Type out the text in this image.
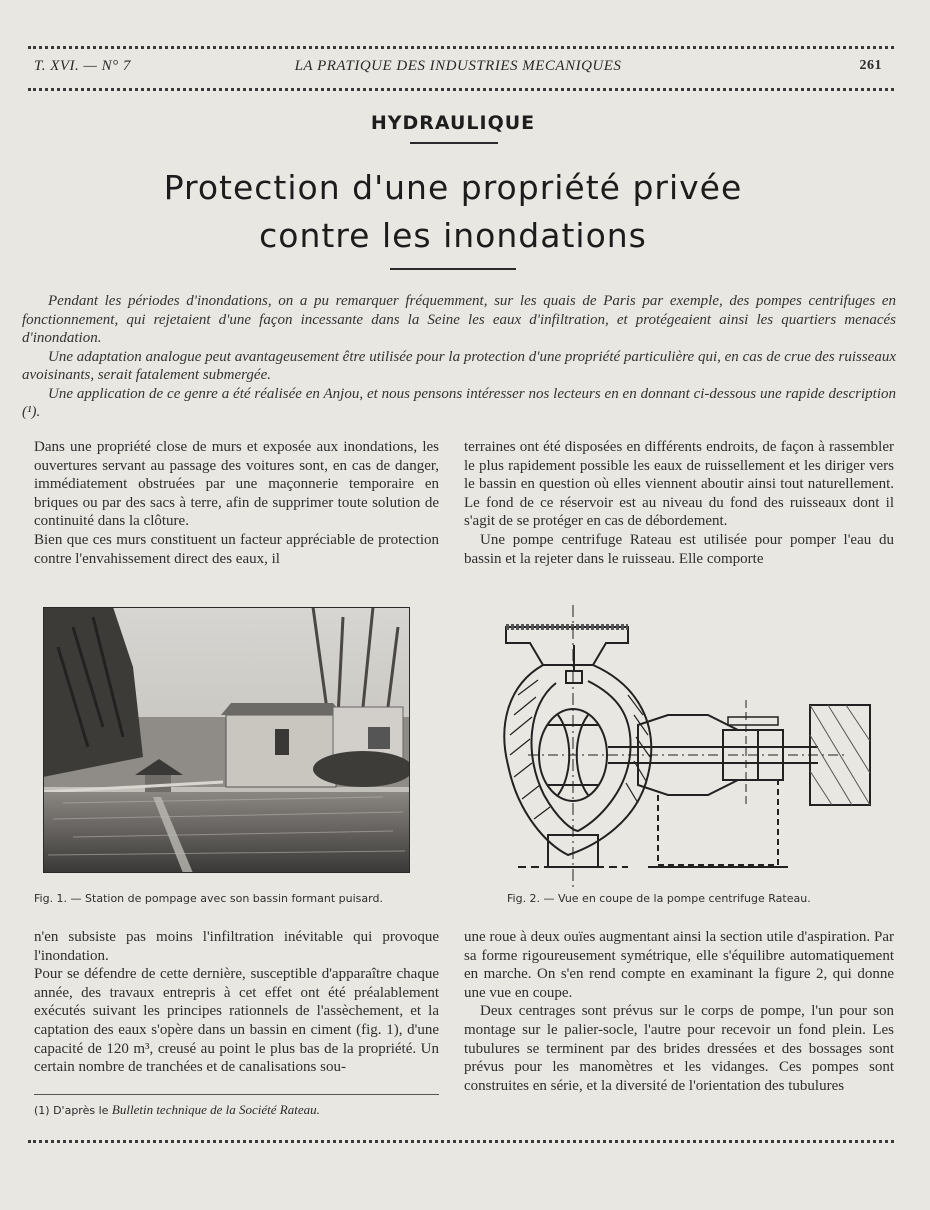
T. XVI. — N° 7	LA PRATIQUE DES INDUSTRIES MECANIQUES	261
HYDRAULIQUE
Protection d'une propriété privée
contre les inondations

Pendant les périodes d'inondations, on a pu remarquer fréquemment, sur les quais de Paris par exemple, des pompes centrifuges en fonctionnement, qui rejetaient d'une façon incessante dans la Seine les eaux d'infiltration, et protégeaient ainsi les quartiers menacés d'inondation.

Une adaptation analogue peut avantageusement être utilisée pour la protection d'une propriété particulière qui, en cas de crue des ruisseaux avoisinants, serait fatalement submergée.

Une application de ce genre a été réalisée en Anjou, et nous pensons intéresser nos lecteurs en en donnant ci-dessous une rapide description (¹).

Dans une propriété close de murs et exposée aux inondations, les ouvertures servant au passage des voitures sont, en cas de danger, immédiatement obstruées par une maçonnerie temporaire en briques ou par des sacs à terre, afin de supprimer toute solution de continuité dans la clôture.

Bien que ces murs constituent un facteur appréciable de protection contre l'envahissement direct des eaux, il

terraines ont été disposées en différents endroits, de façon à rassembler le plus rapidement possible les eaux de ruissellement et les diriger vers le bassin en question où elles viennent aboutir ainsi tout naturellement. Le fond de ce réservoir est au niveau du fond des ruisseaux dont il s'agit de se protéger en cas de débordement.

Une pompe centrifuge Rateau est utilisée pour pomper l'eau du bassin et la rejeter dans le ruisseau. Elle comporte

Fig. 1. — Station de pompage avec son bassin formant puisard.	Fig. 2. — Vue en coupe de la pompe centrifuge Rateau.

n'en subsiste pas moins l'infiltration inévitable qui provoque l'inondation.

Pour se défendre de cette dernière, susceptible d'apparaître chaque année, des travaux entrepris à cet effet ont été préalablement exécutés suivant les principes rationnels de l'assèchement, et la captation des eaux s'opère dans un bassin en ciment (fig. 1), d'une capacité de 120 m³, creusé au point le plus bas de la propriété. Un certain nombre de tranchées et de canalisations sou-

une roue à deux ouïes augmentant ainsi la section utile d'aspiration. Par sa forme rigoureusement symétrique, elle s'équilibre automatiquement en marche. On s'en rend compte en examinant la figure 2, qui donne une vue en coupe.

Deux centrages sont prévus sur le corps de pompe, l'un pour son montage sur le palier-socle, l'autre pour recevoir un fond plein. Les tubulures se terminent par des brides dressées et des bossages sont prévus pour les manomètres et les vidanges. Ces pompes sont construites en série, et la diversité de l'orientation des tubulures

(1) D'après le Bulletin technique de la Société Rateau.
